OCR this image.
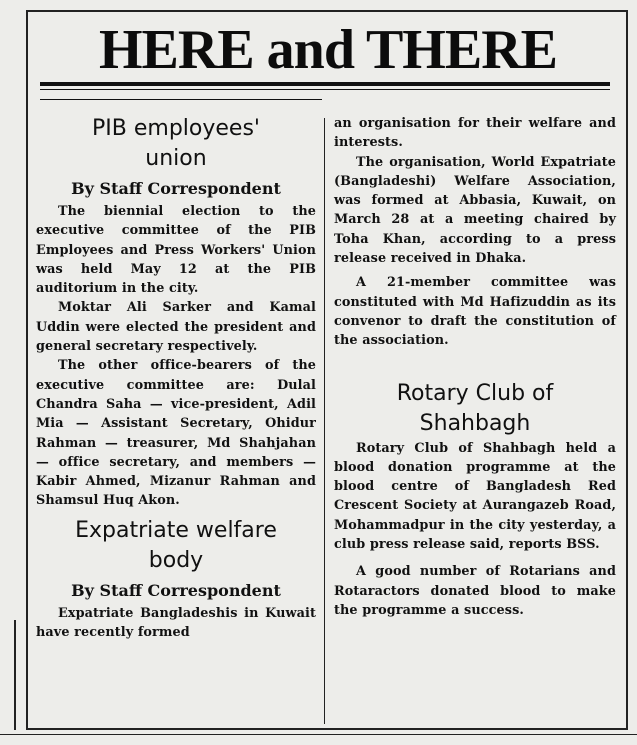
HERE and THERE

PIB employees'

union

By Staff Correspondent

The biennial election to the executive committee of the PIB Employees and Press Workers' Union was held May 12 at the PIB auditorium in the city.

Moktar Ali Sarker and Kamal Uddin were elected the president and general secretary respectively.

The other office-bearers of the executive committee are: Dulal Chandra Saha — vice-president, Adil Mia — Assistant Secretary, Ohidur Rahman — treasurer, Md Shahjahan — office secretary, and members — Kabir Ahmed, Mizanur Rahman and Shamsul Huq Akon.

Expatriate welfare

body

By Staff Correspondent

Expatriate Bangladeshis in Kuwait have recently formed

an organisation for their welfare and interests.

The organisation, World Expatriate (Bangladeshi) Welfare Association, was formed at Abbasia, Kuwait, on March 28 at a meeting chaired by Toha Khan, according to a press release received in Dhaka.

A 21-member committee was constituted with Md Hafizuddin as its convenor to draft the constitution of the association.

Rotary Club of

Shahbagh

Rotary Club of Shahbagh held a blood donation programme at the blood centre of Bangladesh Red Crescent Society at Aurangazeb Road, Mohammadpur in the city yesterday, a club press release said, reports BSS.

A good number of Rotarians and Rotaractors donated blood to make the programme a success.
